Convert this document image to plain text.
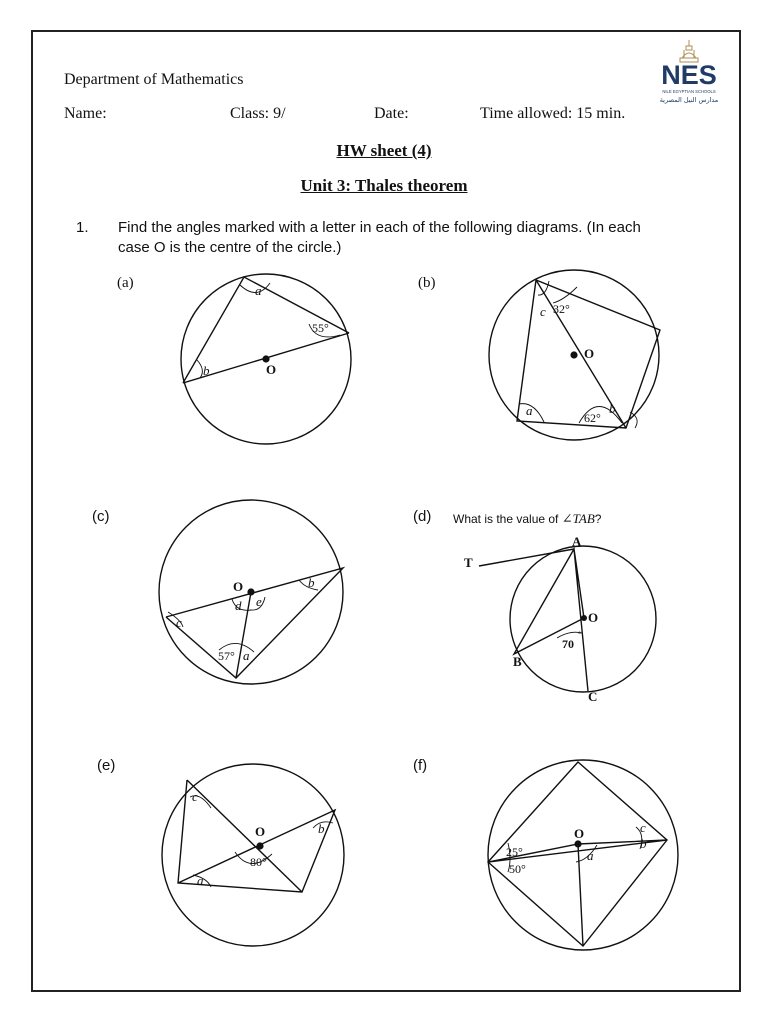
Department of Mathematics
Name:	Class: 9/	Date:	Time allowed: 15 min.
NES
NILE EGYPTIAN SCHOOLS
مدارس النيل المصرية
HW sheet (4)
Unit 3: Thales theorem
1. Find the angles marked with a letter in each of the following diagrams. (In each
case O is the centre of the circle.)
(a)	(b)
(c)	(d) What is the value of ∠TAB?
(e)	(f)
O
55°
a
b
O
32°
62°
a	b
c
O
57° a
b
c
d e
T
A
O
B
C
70
°
O
80°
a
b
c
O
25°
50°
a
b
c
